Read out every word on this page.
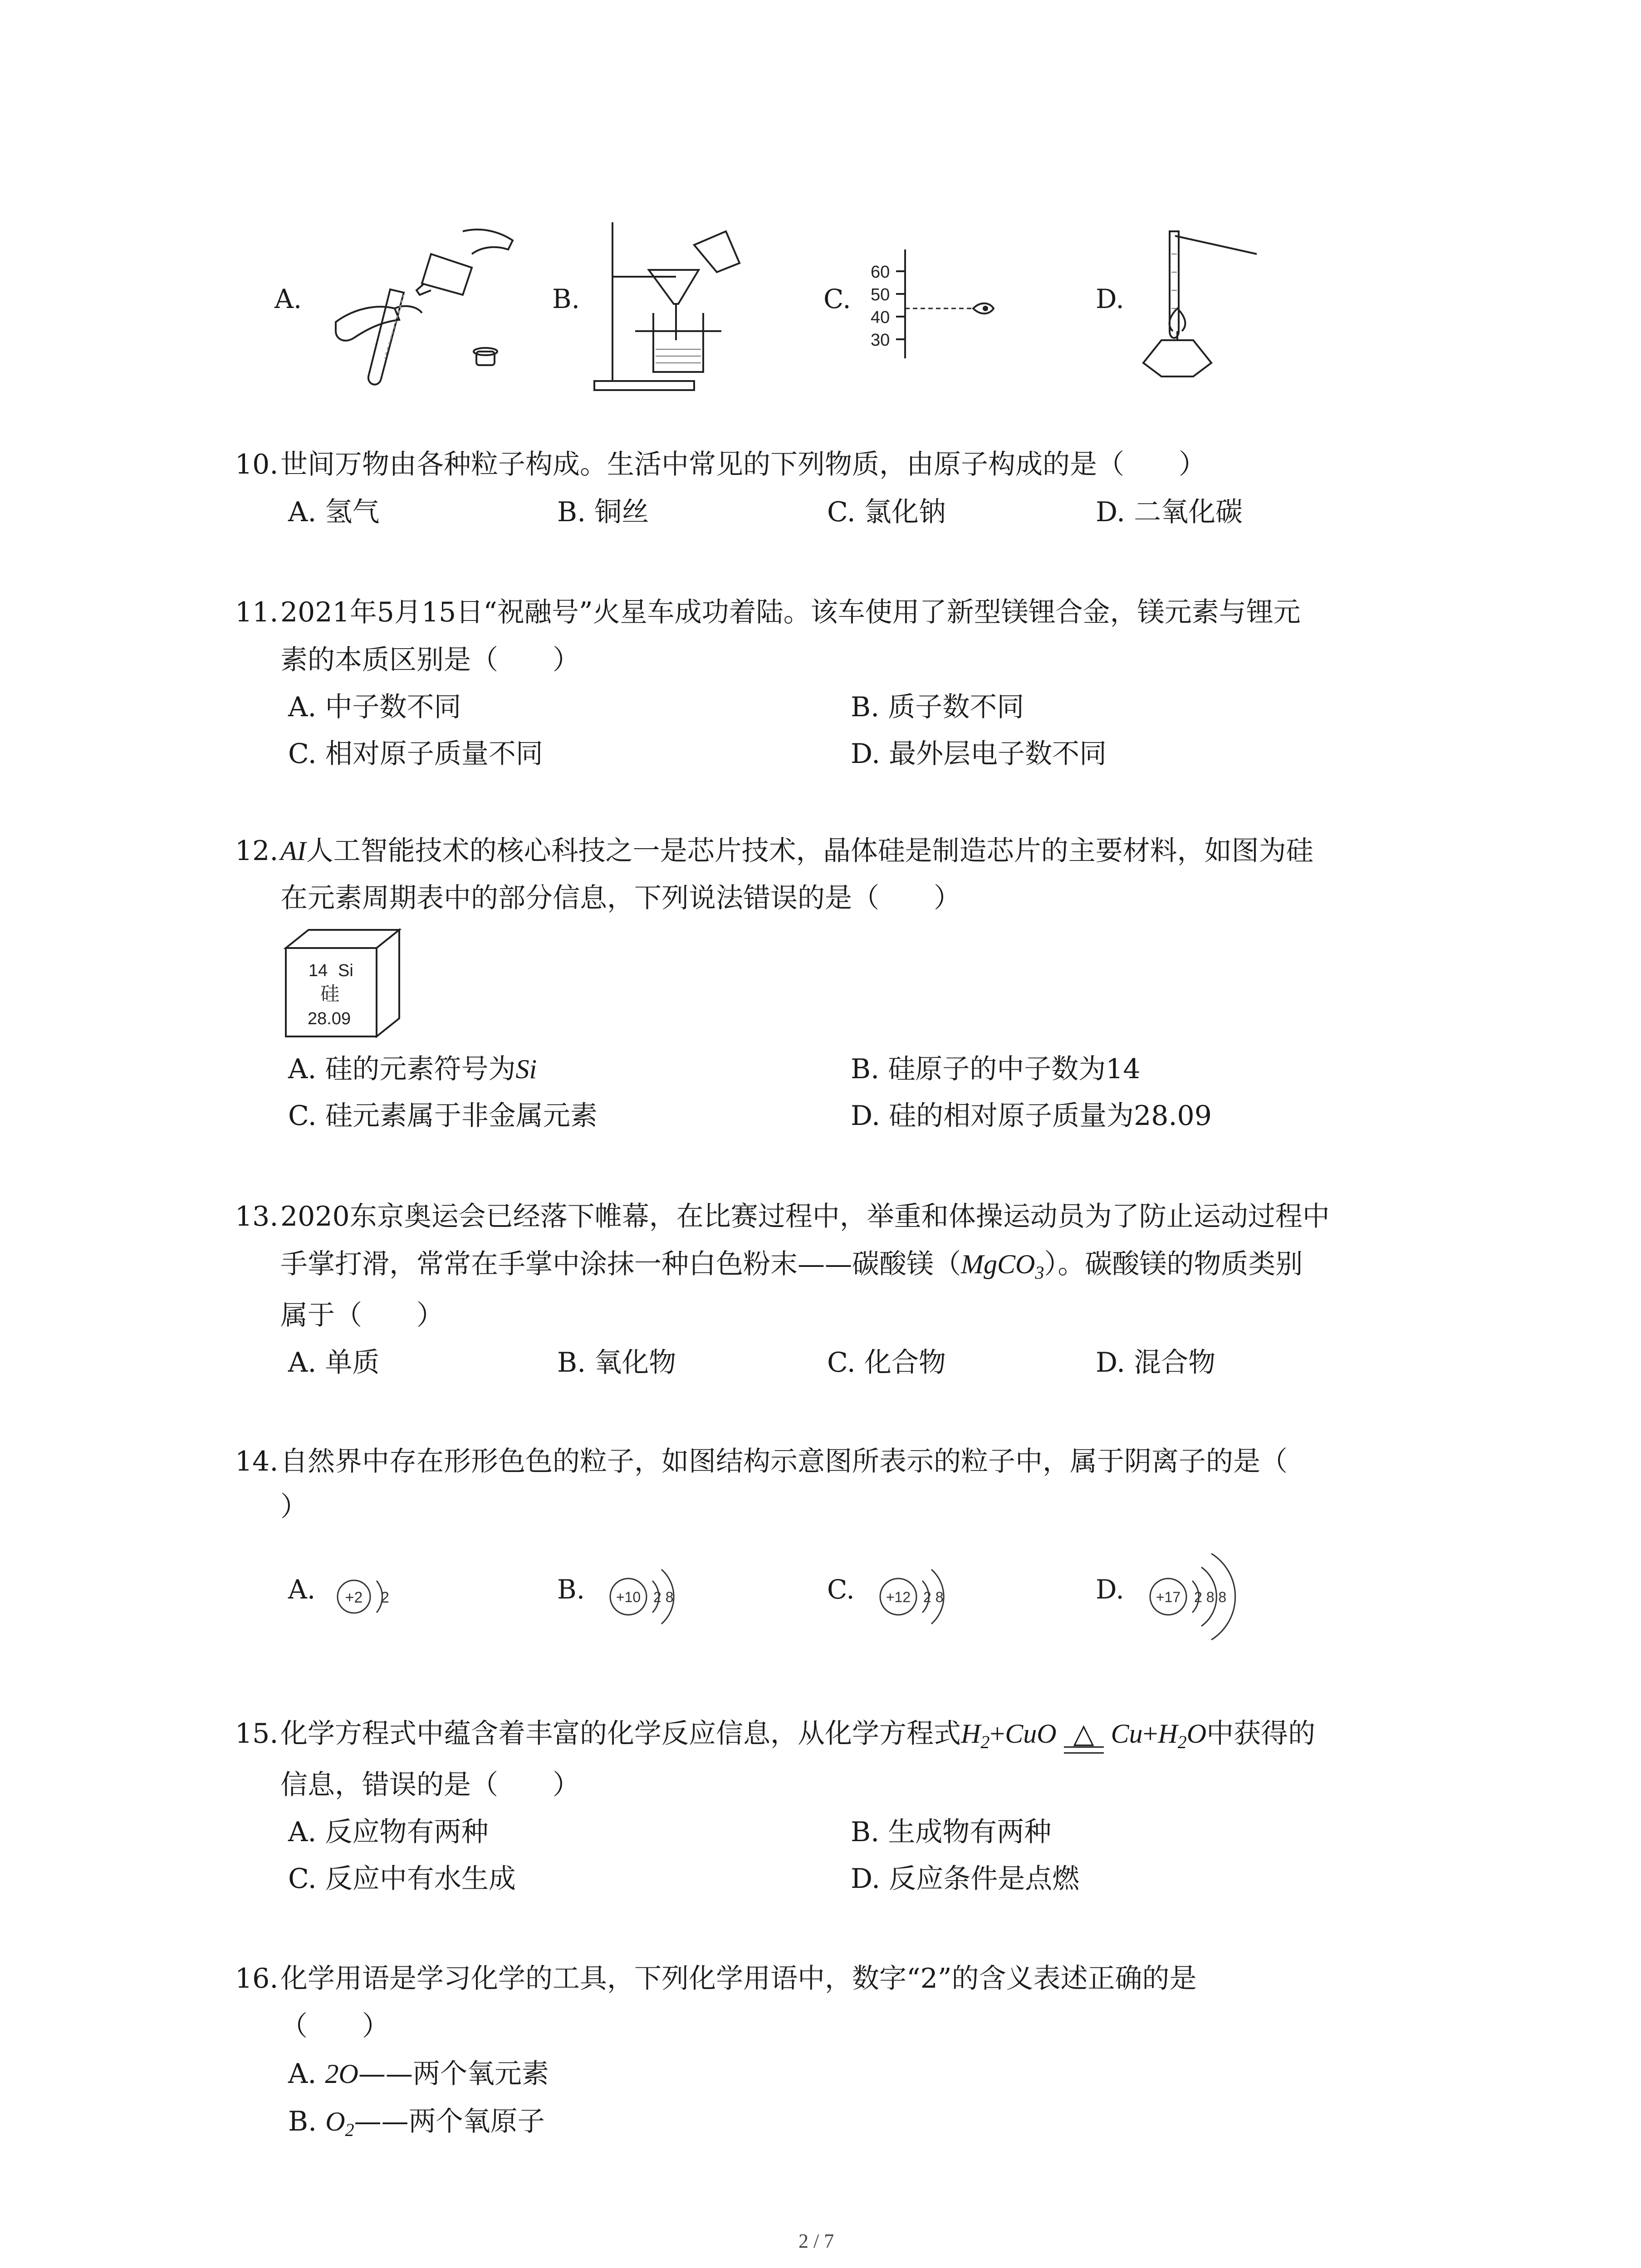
A.	B.	C.	D.
60
50
40
30
10. 世间万物由各种粒子构成。生活中常见的下列物质，由原子构成的是（　　）
A. 氢气	B. 铜丝	C. 氯化钠	D. 二氧化碳
11. 2021年5月15日“祝融号”火星车成功着陆。该车使用了新型镁锂合金，镁元素与锂元
素的本质区别是（　　）
A. 中子数不同	B. 质子数不同
C. 相对原子质量不同	D. 最外层电子数不同
12. AI人工智能技术的核心科技之一是芯片技术，晶体硅是制造芯片的主要材料，如图为硅
在元素周期表中的部分信息，下列说法错误的是（　　）
14 Si
硅
28.09
A. 硅的元素符号为Si	B. 硅原子的中子数为14
C. 硅元素属于非金属元素	D. 硅的相对原子质量为28.09
13. 2020东京奥运会已经落下帷幕，在比赛过程中，举重和体操运动员为了防止运动过程中
手掌打滑，常常在手掌中涂抹一种白色粉末——碳酸镁（MgCO$_3$）。碳酸镁的物质类别
属于（　　）
A. 单质	B. 氧化物	C. 化合物	D. 混合物
14. 自然界中存在形形色色的粒子，如图结构示意图所表示的粒子中，属于阴离子的是（
）
A.	B.	C.	D.
+2 2	+10 2 8	+12 2 8	+17 2 8 8
15. 化学方程式中蕴含着丰富的化学反应信息，从化学方程式$H_2+CuO$ △ $Cu+H_2O$中获得的
信息，错误的是（　　）
A. 反应物有两种	B. 生成物有两种
C. 反应中有水生成	D. 反应条件是点燃
16. 化学用语是学习化学的工具，下列化学用语中，数字“2”的含义表述正确的是
（　　）
A. 2O——两个氧元素
B. $O_2——$两个氧原子
2 / 7
